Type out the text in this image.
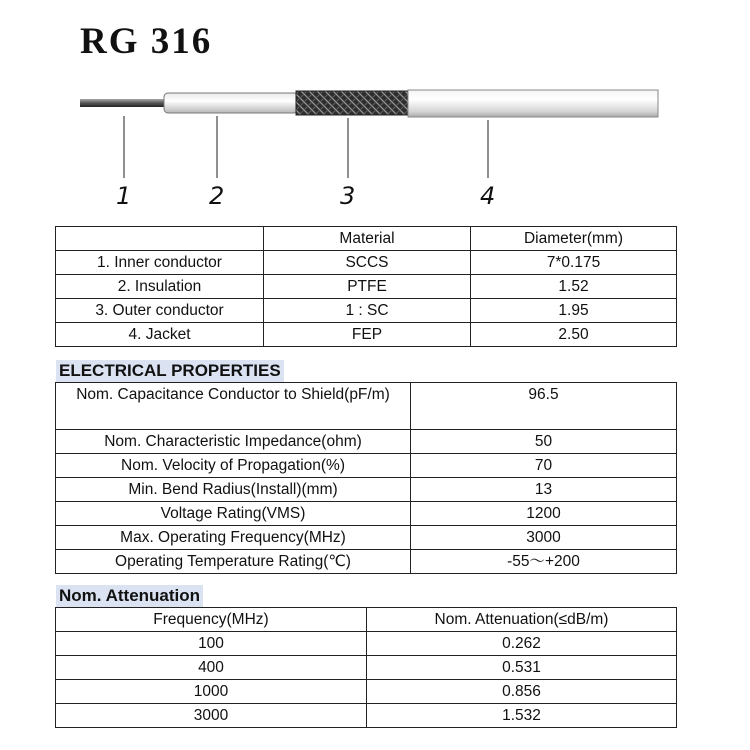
RG 316
1	2	3	4
	Material	Diameter(mm)
1. Inner conductor	SCCS	7*0.175
2. Insulation	PTFE	1.52
3. Outer conductor	1 : SC	1.95
4. Jacket	FEP	2.50
ELECTRICAL PROPERTIES
Nom. Capacitance Conductor to Shield(pF/m)	96.5
Nom. Characteristic Impedance(ohm)	50
Nom. Velocity of Propagation(%)	70
Min. Bend Radius(Install)(mm)	13
Voltage Rating(VMS)	1200
Max. Operating Frequency(MHz)	3000
Operating Temperature Rating(℃)	-55〜+200
Nom. Attenuation
Frequency(MHz)	Nom. Attenuation(≤dB/m)
100	0.262
400	0.531
1000	0.856
3000	1.532
